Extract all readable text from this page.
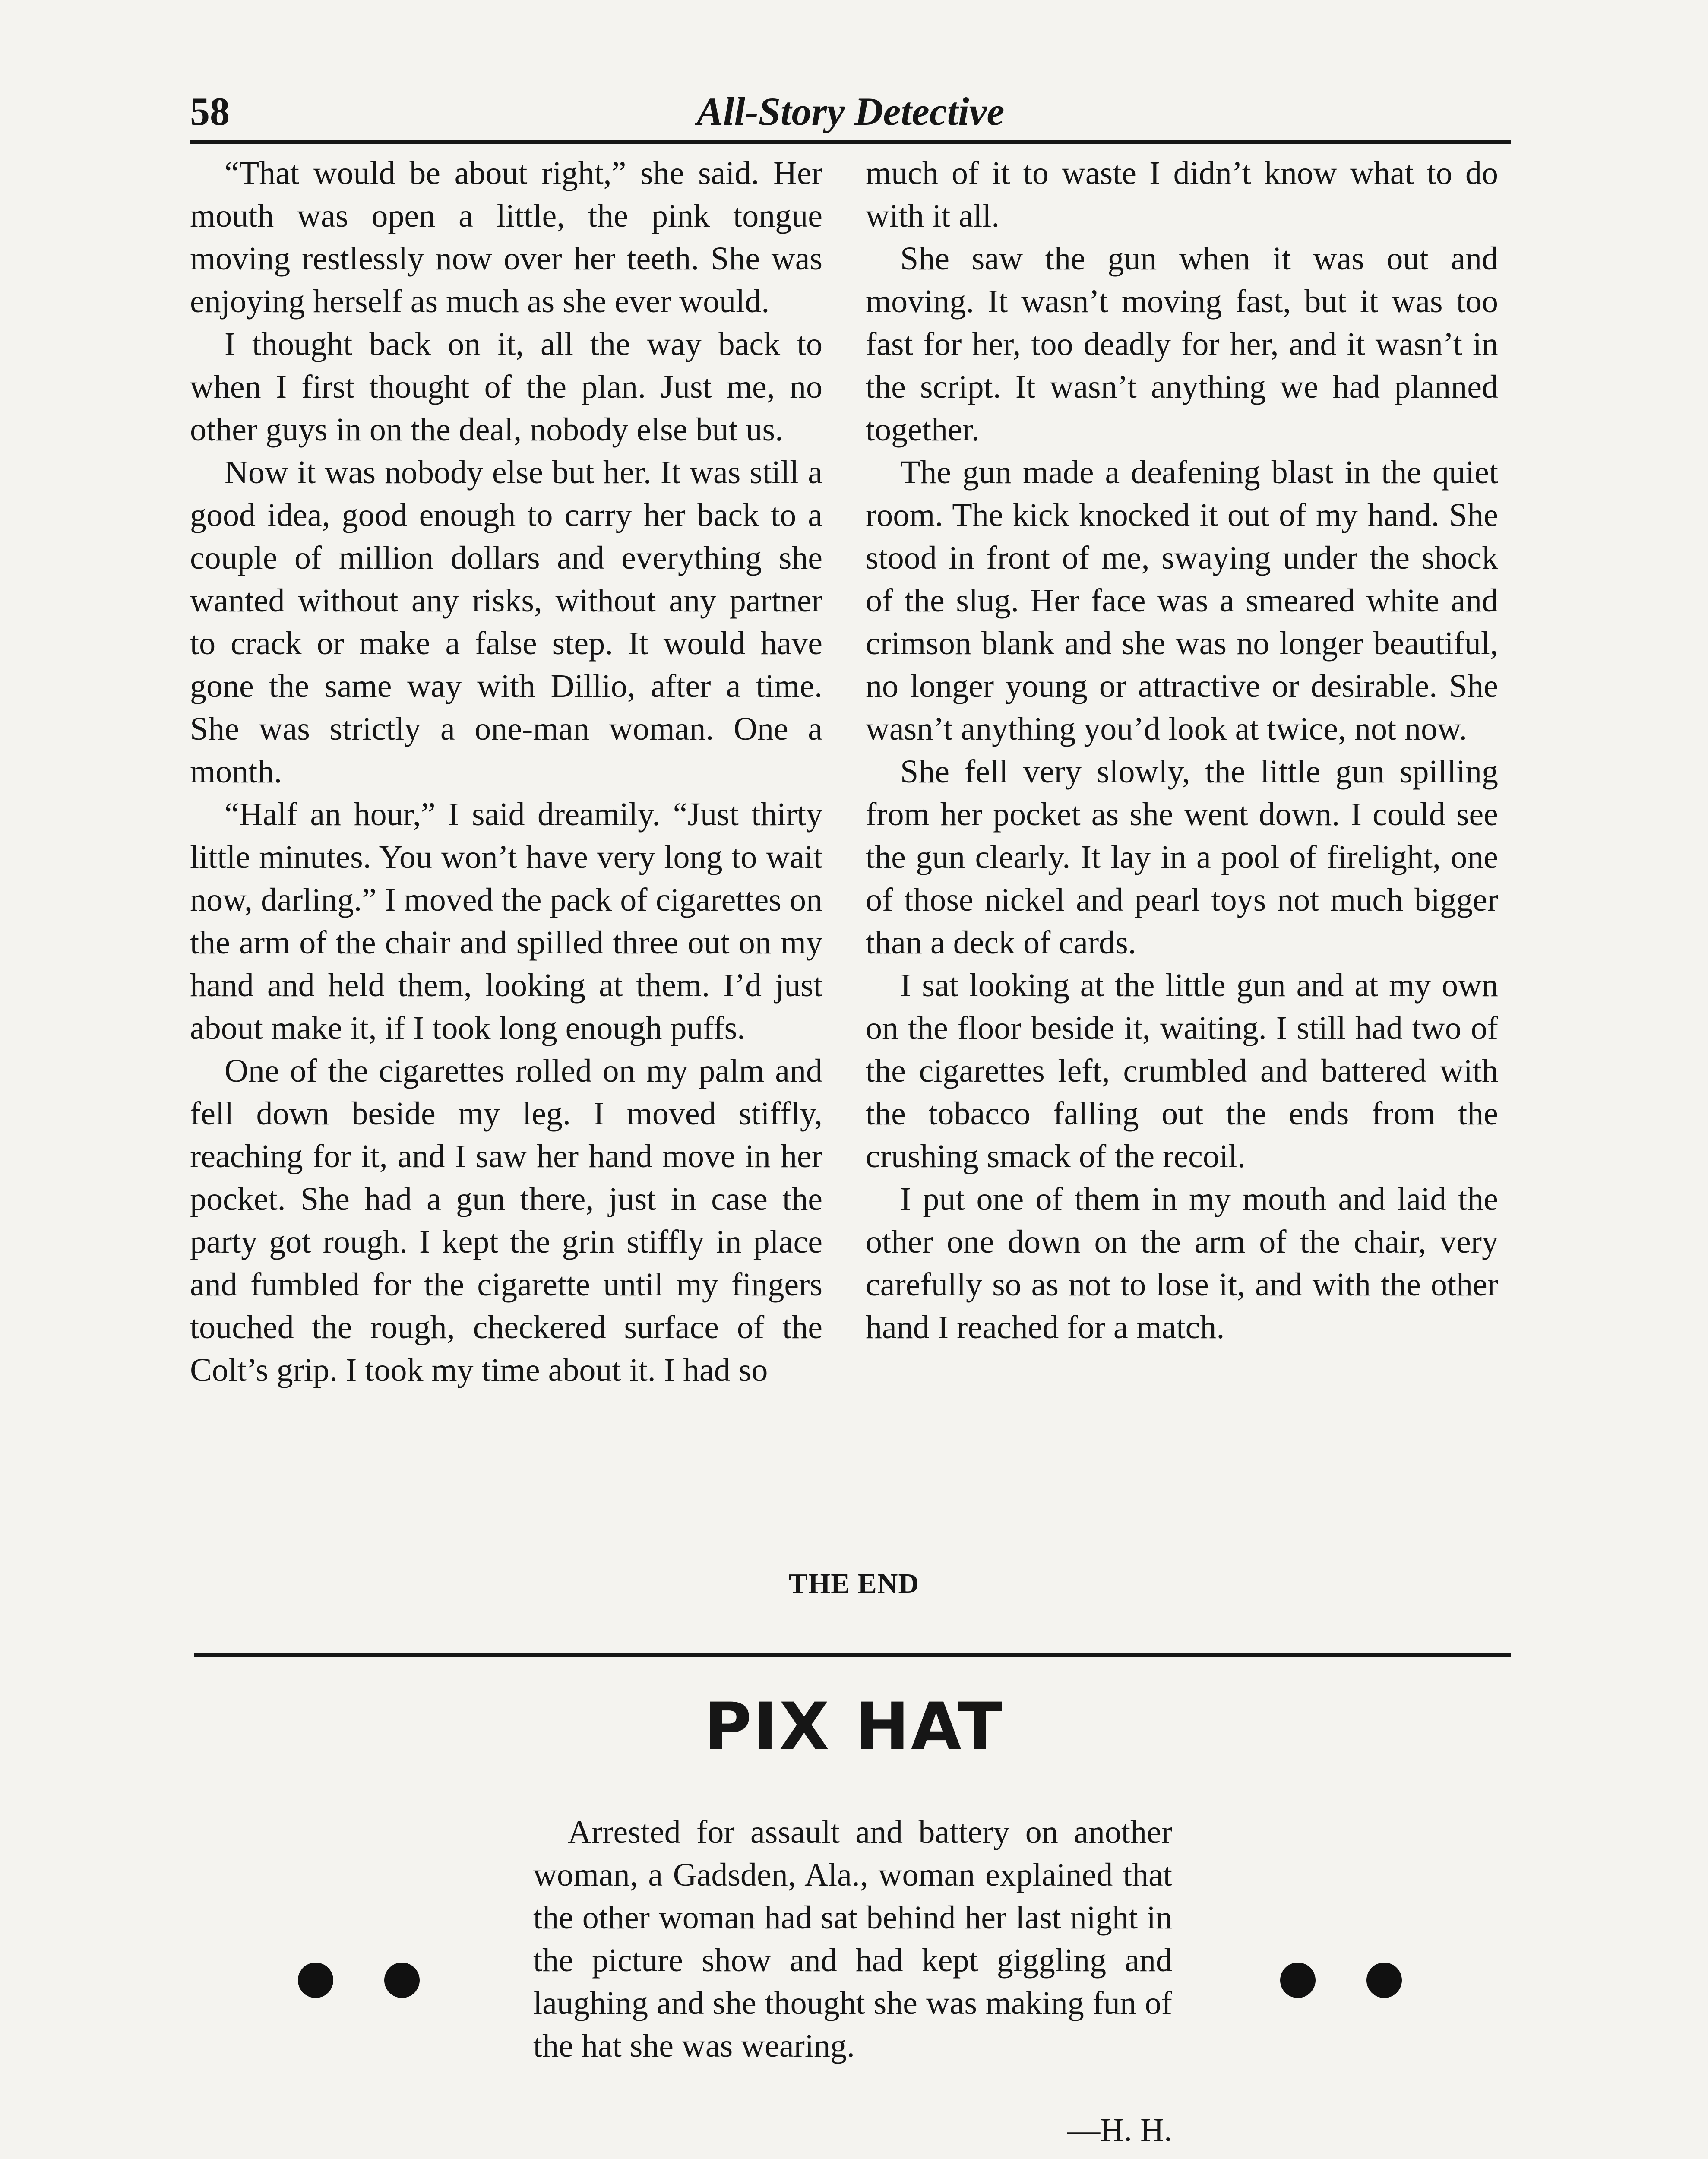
58	All-Story Detective

“That would be about right,” she said. Her mouth was open a little, the pink tongue moving restlessly now over her teeth. She was enjoying herself as much as she ever would.

I thought back on it, all the way back to when I first thought of the plan. Just me, no other guys in on the deal, nobody else but us.

Now it was nobody else but her. It was still a good idea, good enough to carry her back to a couple of million dollars and everything she wanted without any risks, without any partner to crack or make a false step. It would have gone the same way with Dillio, after a time. She was strictly a one-man woman. One a month.

“Half an hour,” I said dreamily. “Just thirty little minutes. You won’t have very long to wait now, darling.” I moved the pack of cigarettes on the arm of the chair and spilled three out on my hand and held them, looking at them. I’d just about make it, if I took long enough puffs.

One of the cigarettes rolled on my palm and fell down beside my leg. I moved stiffly, reaching for it, and I saw her hand move in her pocket. She had a gun there, just in case the party got rough. I kept the grin stiffly in place and fumbled for the cigarette until my fingers touched the rough, checkered surface of the Colt’s grip. I took my time about it. I had so

much of it to waste I didn’t know what to do with it all.

She saw the gun when it was out and moving. It wasn’t moving fast, but it was too fast for her, too deadly for her, and it wasn’t in the script. It wasn’t anything we had planned together.

The gun made a deafening blast in the quiet room. The kick knocked it out of my hand. She stood in front of me, swaying under the shock of the slug. Her face was a smeared white and crimson blank and she was no longer beautiful, no longer young or attractive or desirable. She wasn’t anything you’d look at twice, not now.

She fell very slowly, the little gun spilling from her pocket as she went down. I could see the gun clearly. It lay in a pool of firelight, one of those nickel and pearl toys not much bigger than a deck of cards.

I sat looking at the little gun and at my own on the floor beside it, waiting. I still had two of the cigarettes left, crumbled and battered with the tobacco falling out the ends from the crushing smack of the recoil.

I put one of them in my mouth and laid the other one down on the arm of the chair, very carefully so as not to lose it, and with the other hand I reached for a match.

THE END
PIX HAT

Arrested for assault and battery on another woman, a Gadsden, Ala., woman explained that the other woman had sat behind her last night in the picture show and had kept giggling and laughing and she thought she was making fun of the hat she was wearing.

—H. H.
